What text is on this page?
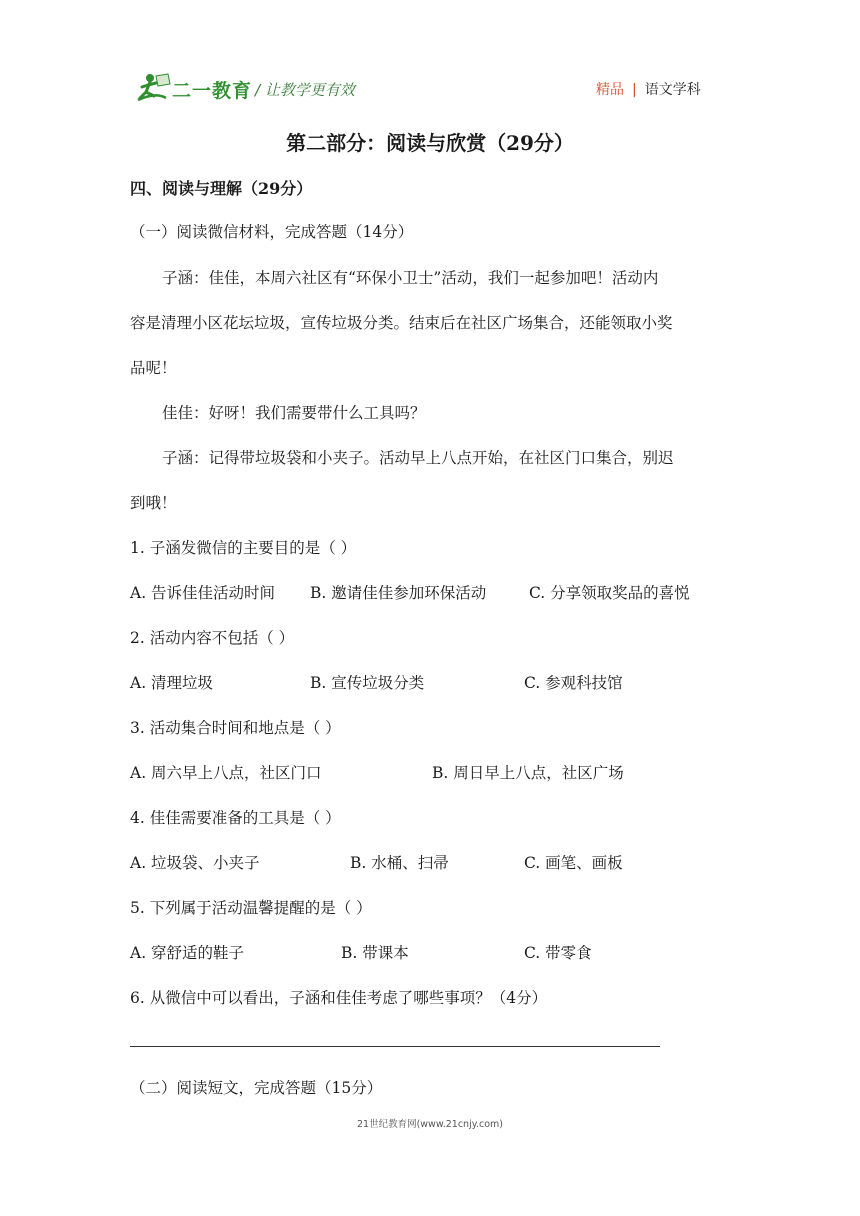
二一教育 / 让教学更有效	精品 | 语文学科
第二部分：阅读与欣赏（29分）
四、阅读与理解（29分）
（一）阅读微信材料，完成答题（14分）
子涵：佳佳，本周六社区有“环保小卫士”活动，我们一起参加吧！活动内
容是清理小区花坛垃圾，宣传垃圾分类。结束后在社区广场集合，还能领取小奖
品呢！
佳佳：好呀！我们需要带什么工具吗？
子涵：记得带垃圾袋和小夹子。活动早上八点开始，在社区门口集合，别迟
到哦！
1. 子涵发微信的主要目的是（ ）
A. 告诉佳佳活动时间 B. 邀请佳佳参加环保活动	C. 分享领取奖品的喜悦
2. 活动内容不包括（ ）
A. 清理垃圾	B. 宣传垃圾分类	C. 参观科技馆
3. 活动集合时间和地点是（ ）
A. 周六早上八点，社区门口	B. 周日早上八点，社区广场
4. 佳佳需要准备的工具是（ ）
A. 垃圾袋、小夹子	B. 水桶、扫帚	C. 画笔、画板
5. 下列属于活动温馨提醒的是（ ）
A. 穿舒适的鞋子	B. 带课本	C. 带零食
6. 从微信中可以看出，子涵和佳佳考虑了哪些事项？（4分）
（二）阅读短文，完成答题（15分）
21世纪教育网(www.21cnjy.com)
